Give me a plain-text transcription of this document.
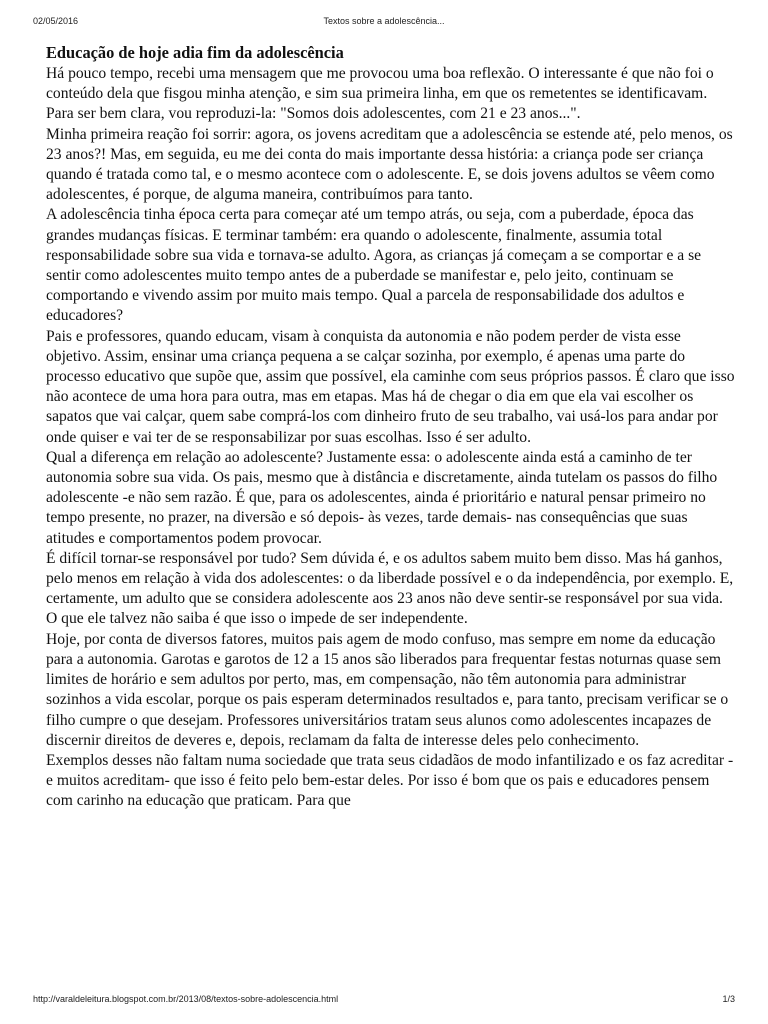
02/05/2016	Textos sobre a adolescência...
Educação de hoje adia fim da adolescência

Há pouco tempo, recebi uma mensagem que me provocou uma boa reflexão. O interessante é que não foi o conteúdo dela que fisgou minha atenção, e sim sua primeira linha, em que os remetentes se identificavam. Para ser bem clara, vou reproduzi-la: "Somos dois adolescentes, com 21 e 23 anos...".

Minha primeira reação foi sorrir: agora, os jovens acreditam que a adolescência se estende até, pelo menos, os 23 anos?! Mas, em seguida, eu me dei conta do mais importante dessa história: a criança pode ser criança quando é tratada como tal, e o mesmo acontece com o adolescente. E, se dois jovens adultos se vêem como adolescentes, é porque, de alguma maneira, contribuímos para tanto.

A adolescência tinha época certa para começar até um tempo atrás, ou seja, com a puberdade, época das grandes mudanças físicas. E terminar também: era quando o adolescente, finalmente, assumia total responsabilidade sobre sua vida e tornava-se adulto. Agora, as crianças já começam a se comportar e a se sentir como adolescentes muito tempo antes de a puberdade se manifestar e, pelo jeito, continuam se comportando e vivendo assim por muito mais tempo. Qual a parcela de responsabilidade dos adultos e educadores?

Pais e professores, quando educam, visam à conquista da autonomia e não podem perder de vista esse objetivo. Assim, ensinar uma criança pequena a se calçar sozinha, por exemplo, é apenas uma parte do processo educativo que supõe que, assim que possível, ela caminhe com seus próprios passos. É claro que isso não acontece de uma hora para outra, mas em etapas. Mas há de chegar o dia em que ela vai escolher os sapatos que vai calçar, quem sabe comprá-los com dinheiro fruto de seu trabalho, vai usá-los para andar por onde quiser e vai ter de se responsabilizar por suas escolhas. Isso é ser adulto.

Qual a diferença em relação ao adolescente? Justamente essa: o adolescente ainda está a caminho de ter autonomia sobre sua vida. Os pais, mesmo que à distância e discretamente, ainda tutelam os passos do filho adolescente -e não sem razão. É que, para os adolescentes, ainda é prioritário e natural pensar primeiro no tempo presente, no prazer, na diversão e só depois- às vezes, tarde demais- nas consequências que suas atitudes e comportamentos podem provocar.

É difícil tornar-se responsável por tudo? Sem dúvida é, e os adultos sabem muito bem disso. Mas há ganhos, pelo menos em relação à vida dos adolescentes: o da liberdade possível e o da independência, por exemplo. E, certamente, um adulto que se considera adolescente aos 23 anos não deve sentir-se responsável por sua vida. O que ele talvez não saiba é que isso o impede de ser independente.

Hoje, por conta de diversos fatores, muitos pais agem de modo confuso, mas sempre em nome da educação para a autonomia. Garotas e garotos de 12 a 15 anos são liberados para frequentar festas noturnas quase sem limites de horário e sem adultos por perto, mas, em compensação, não têm autonomia para administrar sozinhos a vida escolar, porque os pais esperam determinados resultados e, para tanto, precisam verificar se o filho cumpre o que desejam. Professores universitários tratam seus alunos como adolescentes incapazes de discernir direitos de deveres e, depois, reclamam da falta de interesse deles pelo conhecimento.

Exemplos desses não faltam numa sociedade que trata seus cidadãos de modo infantilizado e os faz acreditar -e muitos acreditam- que isso é feito pelo bem-estar deles. Por isso é bom que os pais e educadores pensem com carinho na educação que praticam. Para que

http://varaldeleitura.blogspot.com.br/2013/08/textos-sobre-adolescencia.html	1/3
